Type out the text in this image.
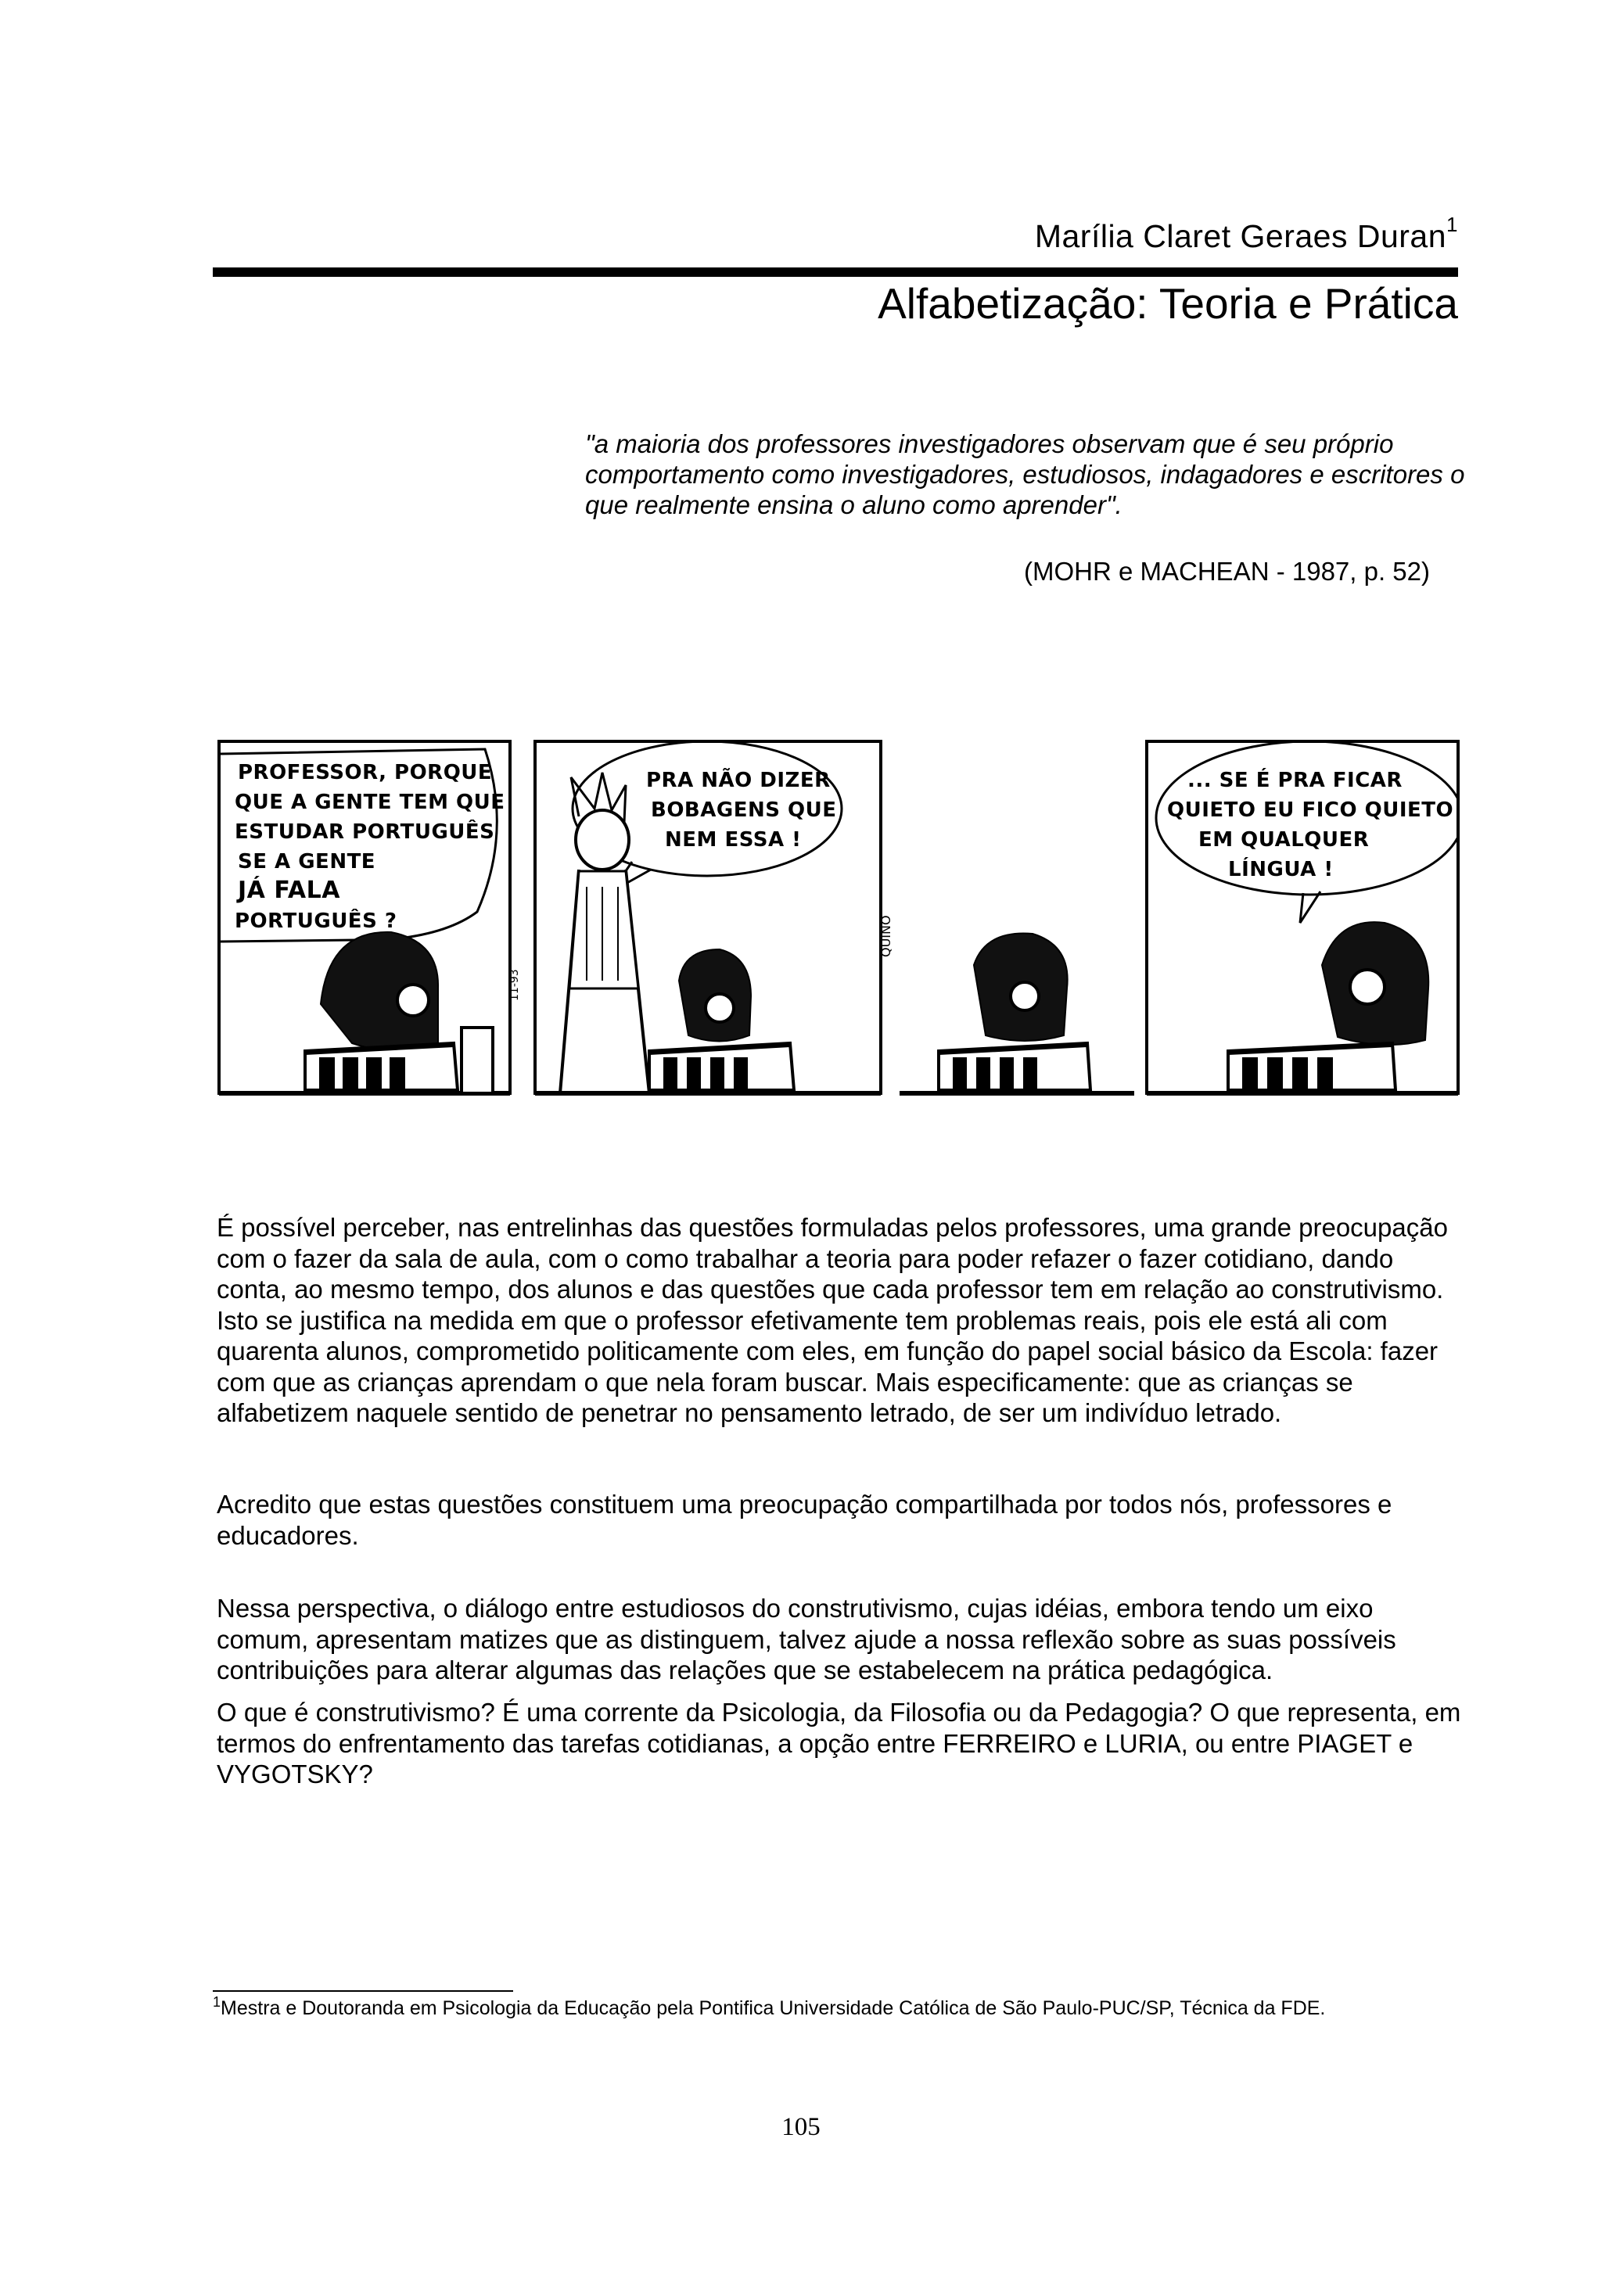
Marília Claret Geraes Duran$^1$
Alfabetização: Teoria e Prática
"a maioria dos professores investigadores observam que é seu próprio comportamento como investigadores, estudiosos, indagadores e escritores o que realmente ensina o aluno como aprender".
(MOHR e MACHEAN - 1987, p. 52)
PROFESSOR, PORQUE
QUE A GENTE TEM QUE
ESTUDAR PORTUGUÊS
SE A GENTE
JÁ FALA
PORTUGUÊS ?
PRA NÃO DIZER
BOBAGENS QUE
NEM ESSA !
... SE É PRA FICAR
QUIETO EU FICO QUIETO
EM QUALQUER
LÍNGUA !
11-93
QUINO
É possível perceber, nas entrelinhas das questões formuladas pelos professores, uma grande preocupação com o fazer da sala de aula, com o como trabalhar a teoria para poder refazer o fazer cotidiano, dando conta, ao mesmo tempo, dos alunos e das questões que cada professor tem em relação ao construtivismo. Isto se justifica na medida em que o professor efetivamente tem problemas reais, pois ele está ali com quarenta alunos, comprometido politicamente com eles, em função do papel social básico da Escola: fazer com que as crianças aprendam o que nela foram buscar. Mais especificamente: que as crianças se alfabetizem naquele sentido de penetrar no pensamento letrado, de ser um indivíduo letrado.
Acredito que estas questões constituem uma preocupação compartilhada por todos nós, professores e educadores.
Nessa perspectiva, o diálogo entre estudiosos do construtivismo, cujas idéias, embora tendo um eixo comum, apresentam matizes que as distinguem, talvez ajude a nossa reflexão sobre as suas possíveis contribuições para alterar algumas das relações que se estabelecem na prática pedagógica.
O que é construtivismo? É uma corrente da Psicologia, da Filosofia ou da Pedagogia? O que representa, em termos do enfrentamento das tarefas cotidianas, a opção entre FERREIRO e LURIA, ou entre PIAGET e VYGOTSKY?
$^1$Mestra e Doutoranda em Psicologia da Educação pela Pontifica Universidade Católica de São Paulo-PUC/SP, Técnica da FDE.
105
